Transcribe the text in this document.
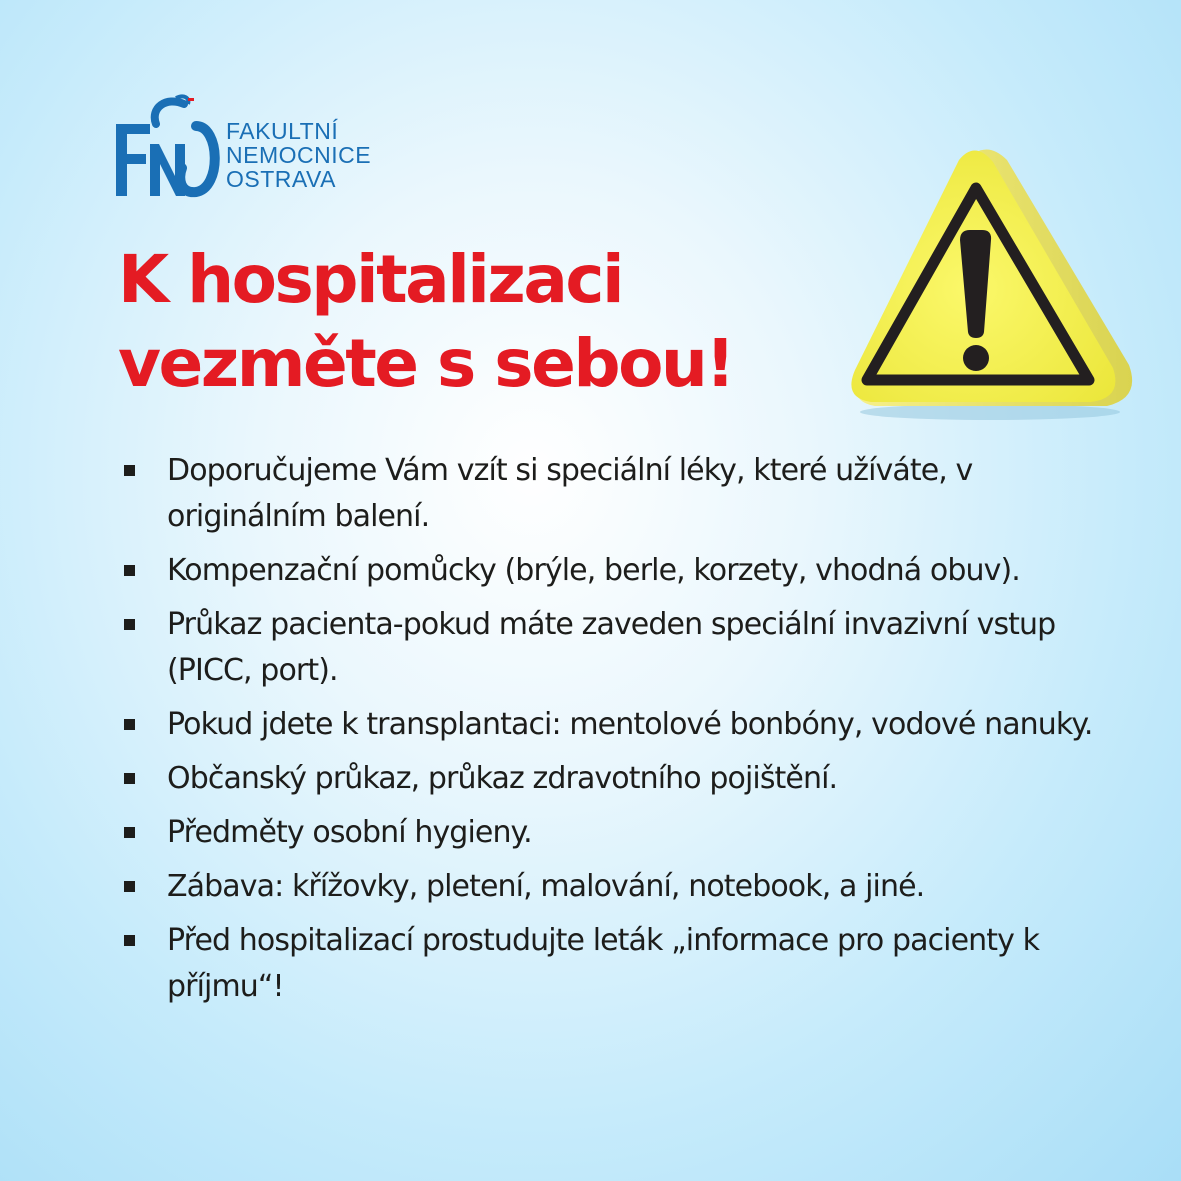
FAKULTNÍ
NEMOCNICE
OSTRAVA
K hospitalizaci
vezměte s sebou!
Doporučujeme Vám vzít si speciální léky, které užíváte, v originálním balení.
Kompenzační pomůcky (brýle, berle, korzety, vhodná obuv).
Průkaz pacienta-pokud máte zaveden speciální invazivní vstup (PICC, port).
Pokud jdete k transplantaci: mentolové bonbóny, vodové nanuky.
Občanský průkaz, průkaz zdravotního pojištění.
Předměty osobní hygieny.
Zábava: křížovky, pletení, malování, notebook, a jiné.
Před hospitalizací prostudujte leták „informace pro pacienty k příjmu“!
